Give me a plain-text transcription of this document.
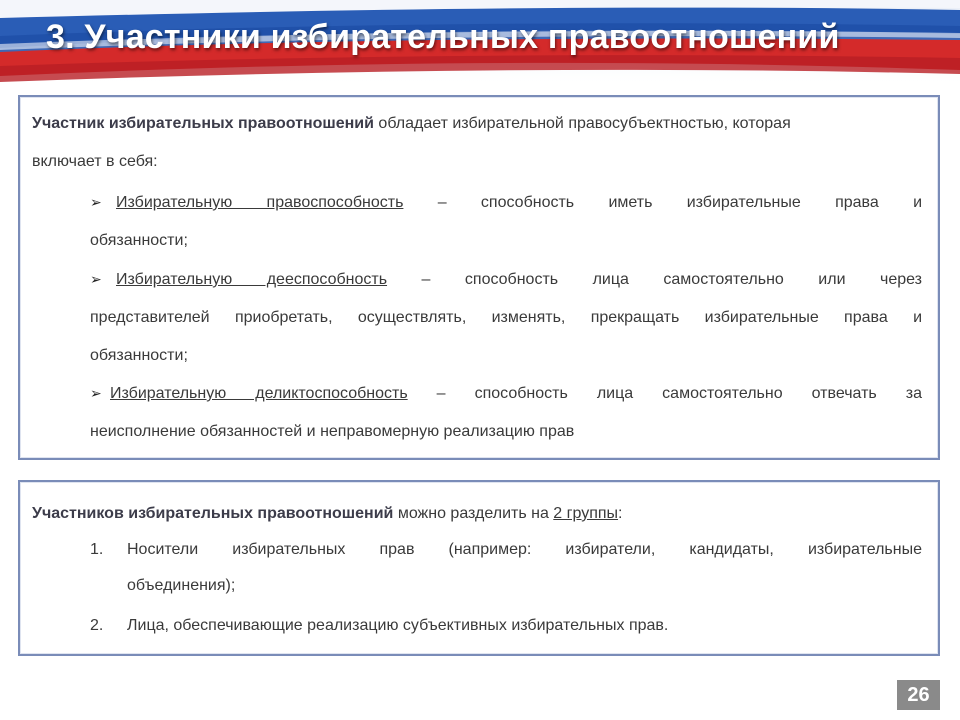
3. Участники избирательных правоотношений
Участник избирательных правоотношений обладает избирательной правосубъектностью, которая
включает в себя:
➢ Избирательную правоспособность – способность иметь избирательные права и
обязанности;
➢ Избирательную дееспособность – способность лица самостоятельно или через
представителей приобретать, осуществлять, изменять, прекращать избирательные права и
обязанности;
➢ Избирательную деликтоспособность – способность лица самостоятельно отвечать за
неисполнение обязанностей и неправомерную реализацию прав
Участников избирательных правоотношений можно разделить на 2 группы:
1. Носители избирательных прав (например: избиратели, кандидаты, избирательные
объединения);
2. Лица, обеспечивающие реализацию субъективных избирательных прав.
26
